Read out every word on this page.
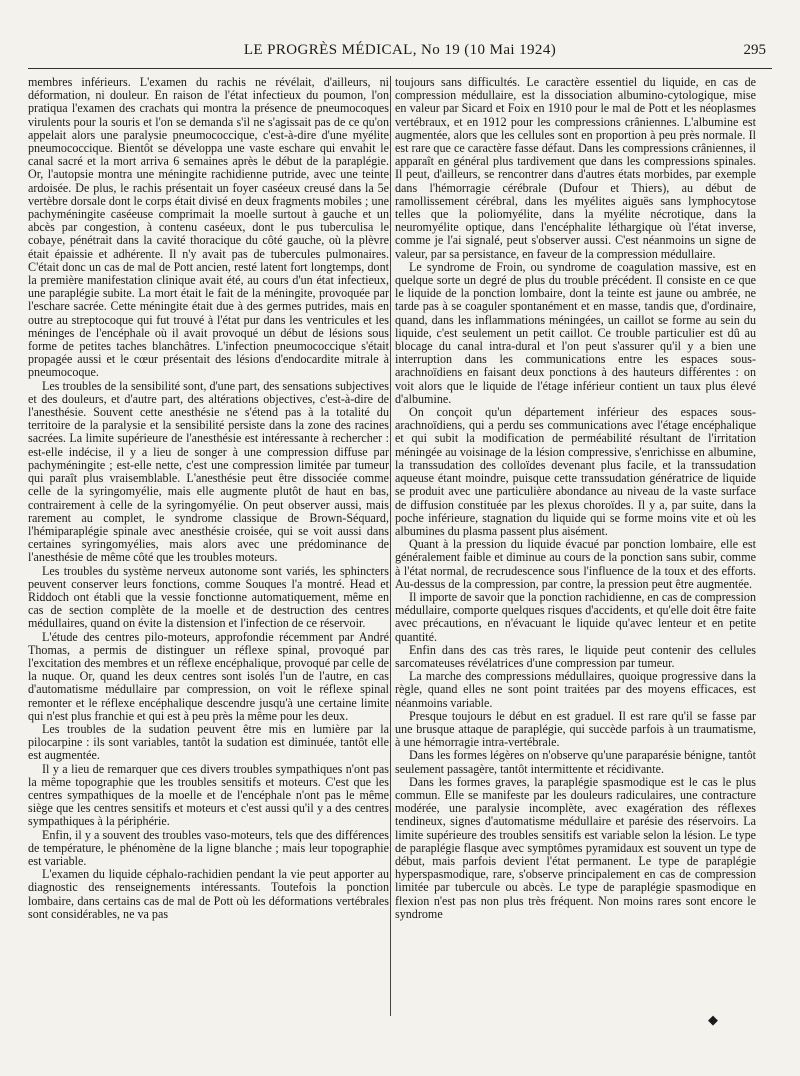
LE PROGRÈS MÉDICAL, No 19 (10 Mai 1924)	295

membres inférieurs. L'examen du rachis ne révélait, d'ailleurs, ni déformation, ni douleur. En raison de l'état infectieux du poumon, l'on pratiqua l'examen des crachats qui montra la présence de pneumocoques virulents pour la souris et l'on se demanda s'il ne s'agissait pas de ce qu'on appelait alors une paralysie pneumococcique, c'est-à-dire d'une myélite pneumococcique. Bientôt se développa une vaste eschare qui envahit le canal sacré et la mort arriva 6 semaines après le début de la paraplégie. Or, l'autopsie montra une méningite rachidienne putride, avec une teinte ardoisée. De plus, le rachis présentait un foyer caséeux creusé dans la 5e vertèbre dorsale dont le corps était divisé en deux fragments mobiles ; une pachyméningite caséeuse comprimait la moelle surtout à gauche et un abcès par congestion, à contenu caséeux, dont le pus tuberculisa le cobaye, pénétrait dans la cavité thoracique du côté gauche, où la plèvre était épaissie et adhérente. Il n'y avait pas de tubercules pulmonaires. C'était donc un cas de mal de Pott ancien, resté latent fort longtemps, dont la première manifestation clinique avait été, au cours d'un état infectieux, une paraplégie subite. La mort était le fait de la méningite, provoquée par l'eschare sacrée. Cette méningite était due à des germes putrides, mais en outre au streptocoque qui fut trouvé à l'état pur dans les ventricules et les méninges de l'encéphale où il avait provoqué un début de lésions sous forme de petites taches blanchâtres. L'infection pneumococcique s'était propagée aussi et le cœur présentait des lésions d'endocardite mitrale à pneumocoque.

Les troubles de la sensibilité sont, d'une part, des sensations subjectives et des douleurs, et d'autre part, des altérations objectives, c'est-à-dire de l'anesthésie. Souvent cette anesthésie ne s'étend pas à la totalité du territoire de la paralysie et la sensibilité persiste dans la zone des racines sacrées. La limite supérieure de l'anesthésie est intéressante à rechercher : est-elle indécise, il y a lieu de songer à une compression diffuse par pachyméningite ; est-elle nette, c'est une compression limitée par tumeur qui paraît plus vraisemblable. L'anesthésie peut être dissociée comme celle de la syringomyélie, mais elle augmente plutôt de haut en bas, contrairement à celle de la syringomyélie. On peut observer aussi, mais rarement au complet, le syndrome classique de Brown-Séquard, l'hémiparaplégie spinale avec anesthésie croisée, qui se voit aussi dans certaines syringomyélies, mais alors avec une prédominance de l'anesthésie de même côté que les troubles moteurs.

Les troubles du système nerveux autonome sont variés, les sphincters peuvent conserver leurs fonctions, comme Souques l'a montré. Head et Riddoch ont établi que la vessie fonctionne automatiquement, même en cas de section complète de la moelle et de destruction des centres médullaires, quand on évite la distension et l'infection de ce réservoir.

L'étude des centres pilo-moteurs, approfondie récemment par André Thomas, a permis de distinguer un réflexe spinal, provoqué par l'excitation des membres et un réflexe encéphalique, provoqué par celle de la nuque. Or, quand les deux centres sont isolés l'un de l'autre, en cas d'automatisme médullaire par compression, on voit le réflexe spinal remonter et le réflexe encéphalique descendre jusqu'à une certaine limite qui n'est plus franchie et qui est à peu près la même pour les deux.

Les troubles de la sudation peuvent être mis en lumière par la pilocarpine : ils sont variables, tantôt la sudation est diminuée, tantôt elle est augmentée.

Il y a lieu de remarquer que ces divers troubles sympathiques n'ont pas la même topographie que les troubles sensitifs et moteurs. C'est que les centres sympathiques de la moelle et de l'encéphale n'ont pas le même siège que les centres sensitifs et moteurs et c'est aussi qu'il y a des centres sympathiques à la périphérie.

Enfin, il y a souvent des troubles vaso-moteurs, tels que des différences de température, le phénomène de la ligne blanche ; mais leur topographie est variable.

L'examen du liquide céphalo-rachidien pendant la vie peut apporter au diagnostic des renseignements intéressants. Toutefois la ponction lombaire, dans certains cas de mal de Pott où les déformations vertébrales sont considérables, ne va pas

toujours sans difficultés. Le caractère essentiel du liquide, en cas de compression médullaire, est la dissociation albumino-cytologique, mise en valeur par Sicard et Foix en 1910 pour le mal de Pott et les néoplasmes vertébraux, et en 1912 pour les compressions crâniennes. L'albumine est augmentée, alors que les cellules sont en proportion à peu près normale. Il est rare que ce caractère fasse défaut. Dans les compressions crâniennes, il apparaît en général plus tardivement que dans les compressions spinales. Il peut, d'ailleurs, se rencontrer dans d'autres états morbides, par exemple dans l'hémorragie cérébrale (Dufour et Thiers), au début de ramollissement cérébral, dans les myélites aiguës sans lymphocytose telles que la poliomyélite, dans la myélite nécrotique, dans la neuromyélite optique, dans l'encéphalite léthargique où l'état inverse, comme je l'ai signalé, peut s'observer aussi. C'est néanmoins un signe de valeur, par sa persistance, en faveur de la compression médullaire.

Le syndrome de Froin, ou syndrome de coagulation massive, est en quelque sorte un degré de plus du trouble précédent. Il consiste en ce que le liquide de la ponction lombaire, dont la teinte est jaune ou ambrée, ne tarde pas à se coaguler spontanément et en masse, tandis que, d'ordinaire, quand, dans les inflammations méningées, un caillot se forme au sein du liquide, c'est seulement un petit caillot. Ce trouble particulier est dû au blocage du canal intra-dural et l'on peut s'assurer qu'il y a bien une interruption dans les communications entre les espaces sous-arachnoïdiens en faisant deux ponctions à des hauteurs différentes : on voit alors que le liquide de l'étage inférieur contient un taux plus élevé d'albumine.

On conçoit qu'un département inférieur des espaces sous-arachnoïdiens, qui a perdu ses communications avec l'étage encéphalique et qui subit la modification de perméabilité résultant de l'irritation méningée au voisinage de la lésion compressive, s'enrichisse en albumine, la transsudation des colloïdes devenant plus facile, et la transsudation aqueuse étant moindre, puisque cette transsudation génératrice de liquide se produit avec une particulière abondance au niveau de la vaste surface de diffusion constituée par les plexus choroïdes. Il y a, par suite, dans la poche inférieure, stagnation du liquide qui se forme moins vite et où les albumines du plasma passent plus aisément.

Quant à la pression du liquide évacué par ponction lombaire, elle est généralement faible et diminue au cours de la ponction sans subir, comme à l'état normal, de recrudescence sous l'influence de la toux et des efforts. Au-dessus de la compression, par contre, la pression peut être augmentée.

Il importe de savoir que la ponction rachidienne, en cas de compression médullaire, comporte quelques risques d'accidents, et qu'elle doit être faite avec précautions, en n'évacuant le liquide qu'avec lenteur et en petite quantité.

Enfin dans des cas très rares, le liquide peut contenir des cellules sarcomateuses révélatrices d'une compression par tumeur.

La marche des compressions médullaires, quoique progressive dans la règle, quand elles ne sont point traitées par des moyens efficaces, est néanmoins variable.

Presque toujours le début en est graduel. Il est rare qu'il se fasse par une brusque attaque de paraplégie, qui succède parfois à un traumatisme, à une hémorragie intra-vertébrale.

Dans les formes légères on n'observe qu'une paraparésie bénigne, tantôt seulement passagère, tantôt intermittente et récidivante.

Dans les formes graves, la paraplégie spasmodique est le cas le plus commun. Elle se manifeste par les douleurs radiculaires, une contracture modérée, une paralysie incomplète, avec exagération des réflexes tendineux, signes d'automatisme médullaire et parésie des réservoirs. La limite supérieure des troubles sensitifs est variable selon la lésion. Le type de paraplégie flasque avec symptômes pyramidaux est souvent un type de début, mais parfois devient l'état permanent. Le type de paraplégie hyperspasmodique, rare, s'observe principalement en cas de compression limitée par tubercule ou abcès. Le type de paraplégie spasmodique en flexion n'est pas non plus très fréquent. Non moins rares sont encore le syndrome

◆
